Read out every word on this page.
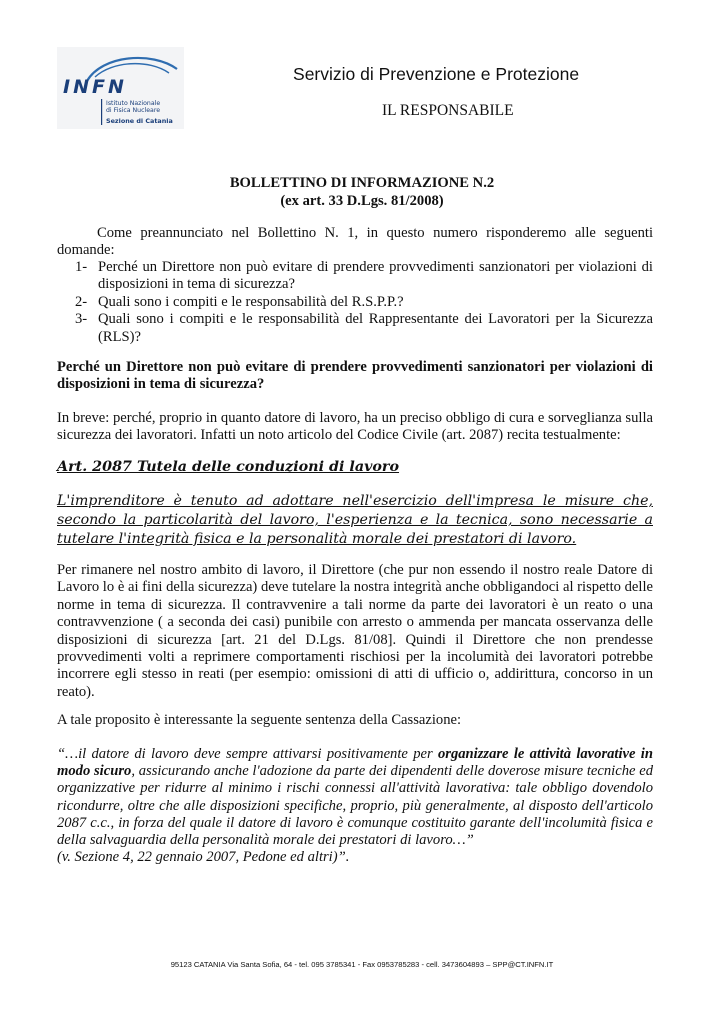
INFN
Istituto Nazionale
di Fisica Nucleare
Sezione di Catania
Servizio di Prevenzione e Protezione
IL RESPONSABILE
BOLLETTINO DI INFORMAZIONE N.2
(ex art. 33 D.Lgs. 81/2008)
Come preannunciato nel Bollettino N. 1, in questo numero risponderemo alle seguenti domande:
1- Perché un Direttore non può evitare di prendere provvedimenti sanzionatori per violazioni di disposizioni in tema di sicurezza?
2- Quali sono i compiti e le responsabilità del R.S.P.P.?
3- Quali sono i compiti e le responsabilità del Rappresentante dei Lavoratori per la Sicurezza (RLS)?
Perché un Direttore non può evitare di prendere provvedimenti sanzionatori per violazioni di disposizioni in tema di sicurezza?
In breve: perché, proprio in quanto datore di lavoro, ha un preciso obbligo di cura e sorveglianza sulla sicurezza dei lavoratori. Infatti un noto articolo del Codice Civile (art. 2087) recita testualmente:
Art. 2087 Tutela delle conduzioni di lavoro
L'imprenditore è tenuto ad adottare nell'esercizio dell'impresa le misure che, secondo la particolarità del lavoro, l'esperienza e la tecnica, sono necessarie a tutelare l'integrità fisica e la personalità morale dei prestatori di lavoro.
Per rimanere nel nostro ambito di lavoro, il Direttore (che pur non essendo il nostro reale Datore di Lavoro lo è ai fini della sicurezza) deve tutelare la nostra integrità anche obbligandoci al rispetto delle norme in tema di sicurezza. Il contravvenire a tali norme da parte dei lavoratori è un reato o una contravvenzione ( a seconda dei casi) punibile con arresto o ammenda per mancata osservanza delle disposizioni di sicurezza [art. 21 del D.Lgs. 81/08]. Quindi il Direttore che non prendesse provvedimenti volti a reprimere comportamenti rischiosi per la incolumità dei lavoratori potrebbe incorrere egli stesso in reati (per esempio: omissioni di atti di ufficio o, addirittura, concorso in un reato).
A tale proposito è interessante la seguente sentenza della Cassazione:
“…il datore di lavoro deve sempre attivarsi positivamente per organizzare le attività lavorative in modo sicuro, assicurando anche l'adozione da parte dei dipendenti delle doverose misure tecniche ed organizzative per ridurre al minimo i rischi connessi all'attività lavorativa: tale obbligo dovendolo ricondurre, oltre che alle disposizioni specifiche, proprio, più generalmente, al disposto dell'articolo 2087 c.c., in forza del quale il datore di lavoro è comunque costituito garante dell'incolumità fisica e della salvaguardia della personalità morale dei prestatori di lavoro…”
(v. Sezione 4, 22 gennaio 2007, Pedone ed altri)”.
95123 CATANIA Via Santa Sofia, 64 - tel. 095 3785341 - Fax 0953785283 - cell. 3473604893 – SPP@CT.INFN.IT
